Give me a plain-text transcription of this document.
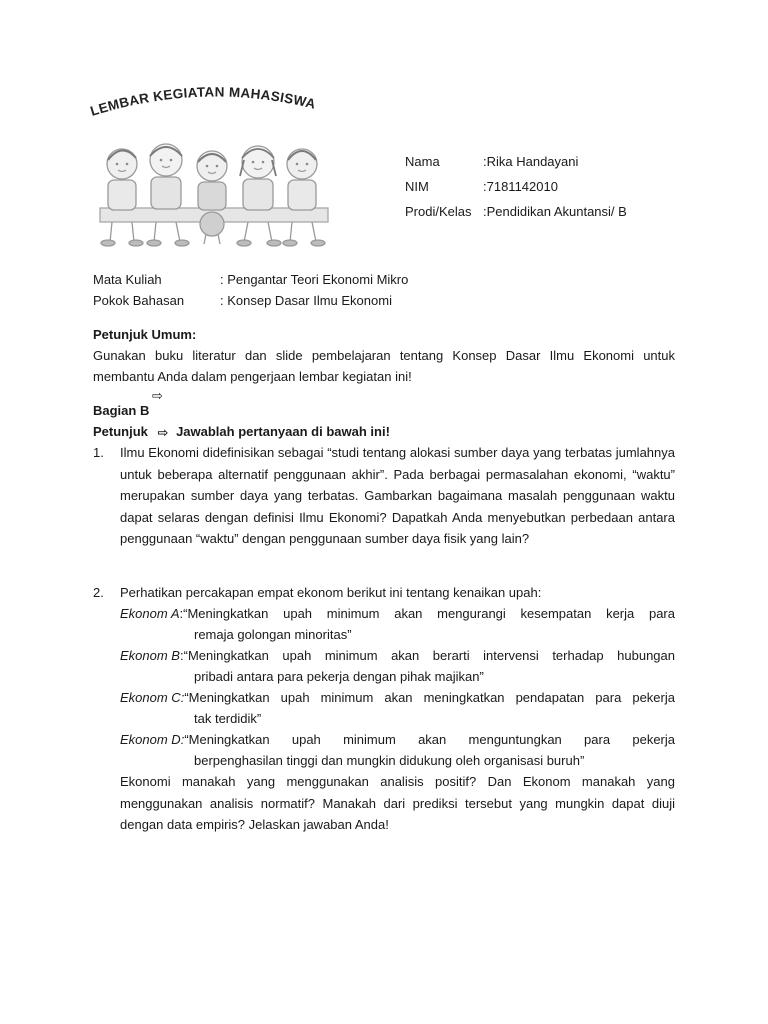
LEMBAR KEGIATAN MAHASISWA
Nama	:Rika Handayani
NIM	:7181142010
Prodi/Kelas :Pendidikan Akuntansi/ B
Mata Kuliah	: Pengantar Teori Ekonomi Mikro
Pokok Bahasan	: Konsep Dasar Ilmu Ekonomi
Petunjuk Umum:
Gunakan buku literatur dan slide pembelajaran tentang Konsep Dasar Ilmu Ekonomi untuk membantu Anda dalam pengerjaan lembar kegiatan ini!
⇨
Bagian B
Petunjuk ⇨ Jawablah pertanyaan di bawah ini!
1.	Ilmu Ekonomi didefinisikan sebagai “studi tentang alokasi sumber daya yang terbatas jumlahnya untuk beberapa alternatif penggunaan akhir”. Pada berbagai permasalahan ekonomi, “waktu” merupakan sumber daya yang terbatas. Gambarkan bagaimana masalah penggunaan waktu dapat selaras dengan definisi Ilmu Ekonomi? Dapatkah Anda menyebutkan perbedaan antara penggunaan “waktu” dengan penggunaan sumber daya fisik yang lain?
2.	Perhatikan percakapan empat ekonom berikut ini tentang kenaikan upah:
Ekonom A: “Meningkatkan upah minimum akan mengurangi kesempatan kerja para
remaja golongan minoritas”
Ekonom B: “Meningkatkan upah minimum akan berarti intervensi terhadap hubungan
pribadi antara para pekerja dengan pihak majikan”
Ekonom C: “Meningkatkan upah minimum akan meningkatkan pendapatan para pekerja
tak terdidik”
Ekonom D: “Meningkatkan upah minimum akan menguntungkan para pekerja
berpenghasilan tinggi dan mungkin didukung oleh organisasi buruh”
Ekonomi manakah yang menggunakan analisis positif? Dan Ekonom manakah yang menggunakan analisis normatif? Manakah dari prediksi tersebut yang mungkin dapat diuji dengan data empiris? Jelaskan jawaban Anda!
